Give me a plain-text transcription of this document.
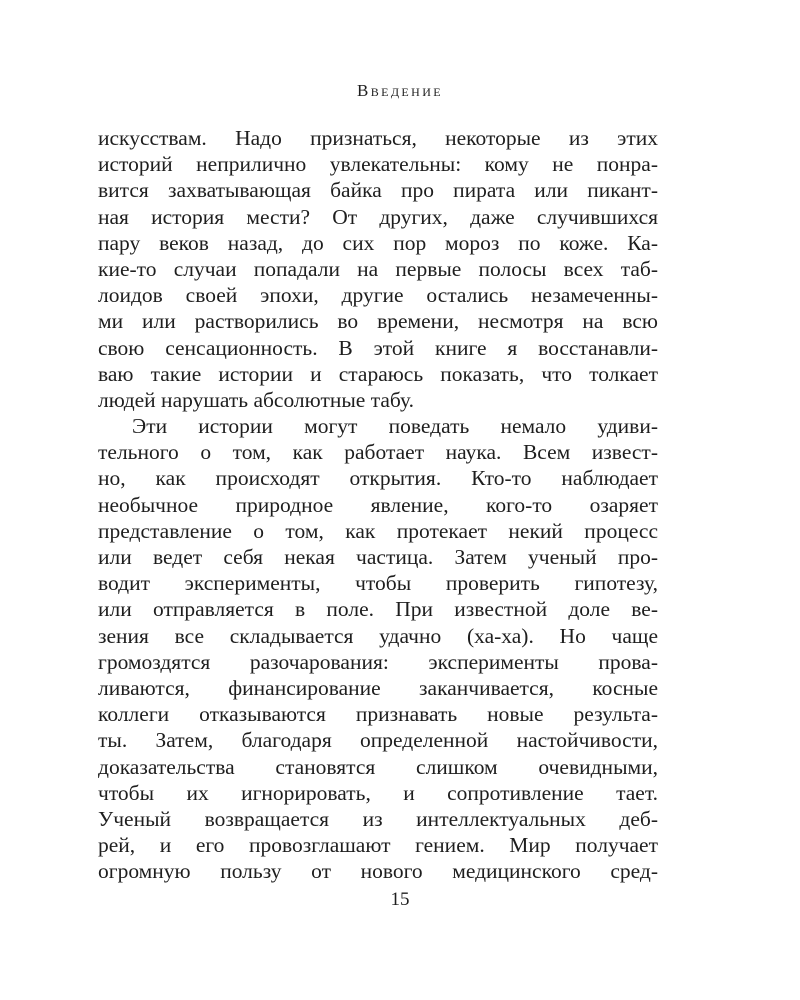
Введение
искусствам. Надо признаться, некоторые из этих
историй неприлично увлекательны: кому не понра-
вится захватывающая байка про пирата или пикант-
ная история мести? От других, даже случившихся
пару веков назад, до сих пор мороз по коже. Ка-
кие-то случаи попадали на первые полосы всех таб-
лоидов своей эпохи, другие остались незамеченны-
ми или растворились во времени, несмотря на всю
свою сенсационность. В этой книге я восстанавли-
ваю такие истории и стараюсь показать, что толкает
людей нарушать абсолютные табу.
Эти истории могут поведать немало удиви-
тельного о том, как работает наука. Всем извест-
но, как происходят открытия. Кто-то наблюдает
необычное природное явление, кого-то озаряет
представление о том, как протекает некий процесс
или ведет себя некая частица. Затем ученый про-
водит эксперименты, чтобы проверить гипотезу,
или отправляется в поле. При известной доле ве-
зения все складывается удачно (ха-ха). Но чаще
громоздятся разочарования: эксперименты прова-
ливаются, финансирование заканчивается, косные
коллеги отказываются признавать новые результа-
ты. Затем, благодаря определенной настойчивости,
доказательства становятся слишком очевидными,
чтобы их игнорировать, и сопротивление тает.
Ученый возвращается из интеллектуальных деб-
рей, и его провозглашают гением. Мир получает
огромную пользу от нового медицинского сред-
15
